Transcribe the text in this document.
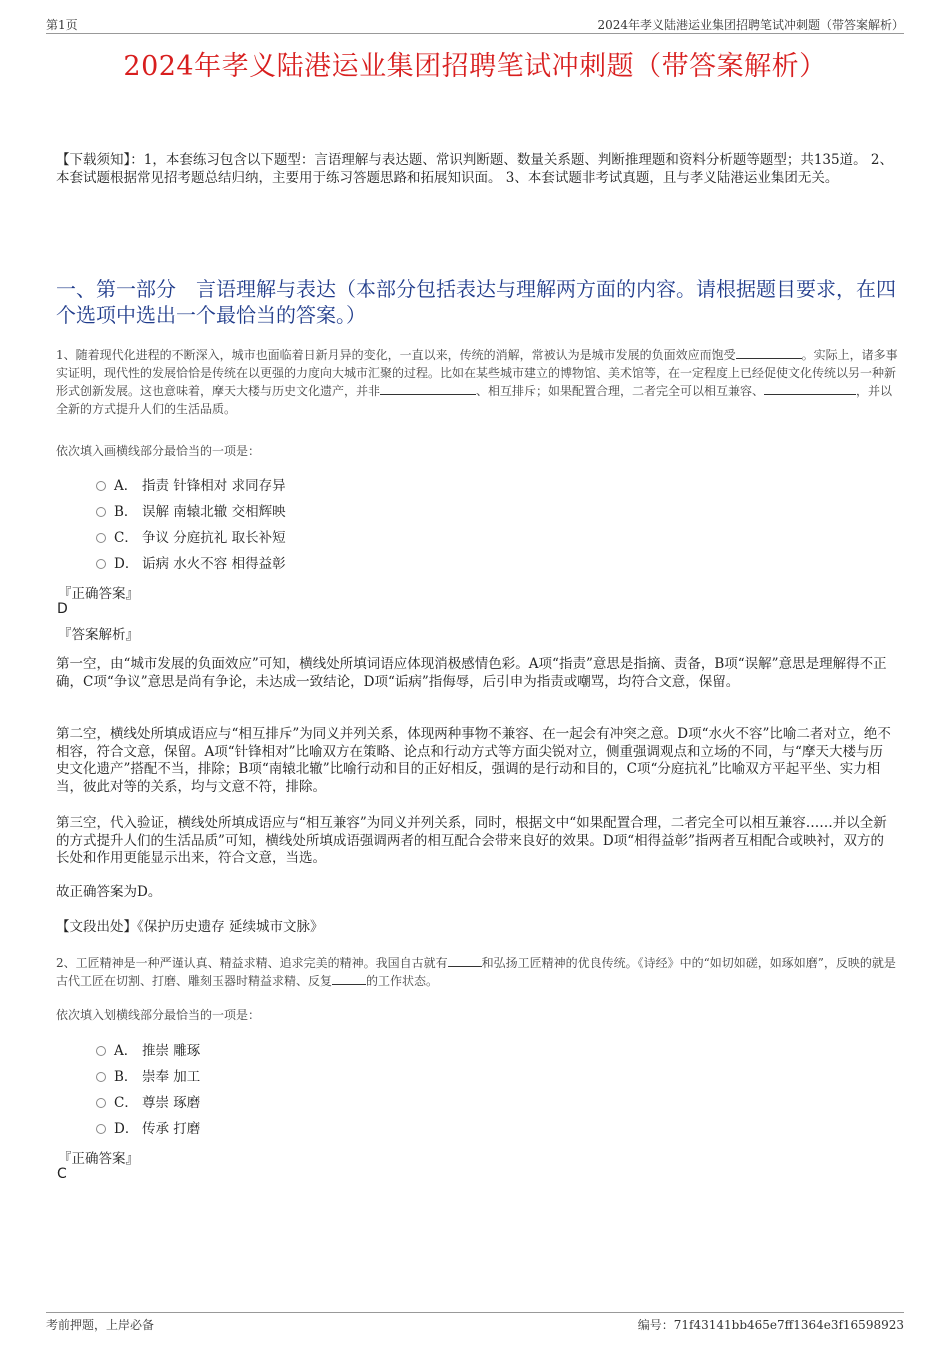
第1页	2024年孝义陆港运业集团招聘笔试冲刺题（带答案解析）
2024年孝义陆港运业集团招聘笔试冲刺题（带答案解析）
【下载须知】：1，本套练习包含以下题型：言语理解与表达题、常识判断题、数量关系题、判断推理题和资料分析题等题型；共135道。 2、本套试题根据常见招考题总结归纳，主要用于练习答题思路和拓展知识面。 3、本套试题非考试真题，且与孝义陆港运业集团无关。
一、第一部分　言语理解与表达（本部分包括表达与理解两方面的内容。请根据题目要求，在四个选项中选出一个最恰当的答案。）
1、随着现代化进程的不断深入，城市也面临着日新月异的变化，一直以来，传统的消解，常被认为是城市发展的负面效应而饱受	。实际上，诸多事实证明，现代性的发展恰恰是传统在以更强的力度向大城市汇聚的过程。比如在某些城市建立的博物馆、美术馆等，在一定程度上已经促使文化传统以另一种新形式创新发展。这也意味着，摩天大楼与历史文化遗产，并非	、相互排斥；如果配置合理，二者完全可以相互兼容、	，并以全新的方式提升人们的生活品质。
依次填入画横线部分最恰当的一项是：
A． 指责 针锋相对 求同存异
B． 误解 南辕北辙 交相辉映
C． 争议 分庭抗礼 取长补短
D． 诟病 水火不容 相得益彰
『正确答案』
D
『答案解析』
第一空，由“城市发展的负面效应”可知，横线处所填词语应体现消极感情色彩。A项“指责”意思是指摘、责备，B项“误解”意思是理解得不正确，C项“争议”意思是尚有争论，未达成一致结论，D项“诟病”指侮辱，后引申为指责或嘲骂，均符合文意，保留。
第二空，横线处所填成语应与“相互排斥”为同义并列关系，体现两种事物不兼容、在一起会有冲突之意。D项“水火不容”比喻二者对立，绝不相容，符合文意，保留。A项“针锋相对”比喻双方在策略、论点和行动方式等方面尖锐对立，侧重强调观点和立场的不同，与“摩天大楼与历史文化遗产”搭配不当，排除；B项“南辕北辙”比喻行动和目的正好相反，强调的是行动和目的，C项“分庭抗礼”比喻双方平起平坐、实力相当，彼此对等的关系，均与文意不符，排除。
第三空，代入验证，横线处所填成语应与“相互兼容”为同义并列关系，同时，根据文中“如果配置合理，二者完全可以相互兼容……并以全新的方式提升人们的生活品质”可知，横线处所填成语强调两者的相互配合会带来良好的效果。D项“相得益彰”指两者互相配合或映衬，双方的长处和作用更能显示出来，符合文意，当选。
故正确答案为D。
【文段出处】《保护历史遗存 延续城市文脉》
2、工匠精神是一种严谨认真、精益求精、追求完美的精神。我国自古就有	和弘扬工匠精神的优良传统。《诗经》中的“如切如磋，如琢如磨”，反映的就是古代工匠在切割、打磨、雕刻玉器时精益求精、反复	的工作状态。
依次填入划横线部分最恰当的一项是：
A． 推崇 雕琢
B． 崇奉 加工
C． 尊崇 琢磨
D． 传承 打磨
『正确答案』
C
考前押题，上岸必备	编号：71f43141bb465e7ff1364e3f16598923
